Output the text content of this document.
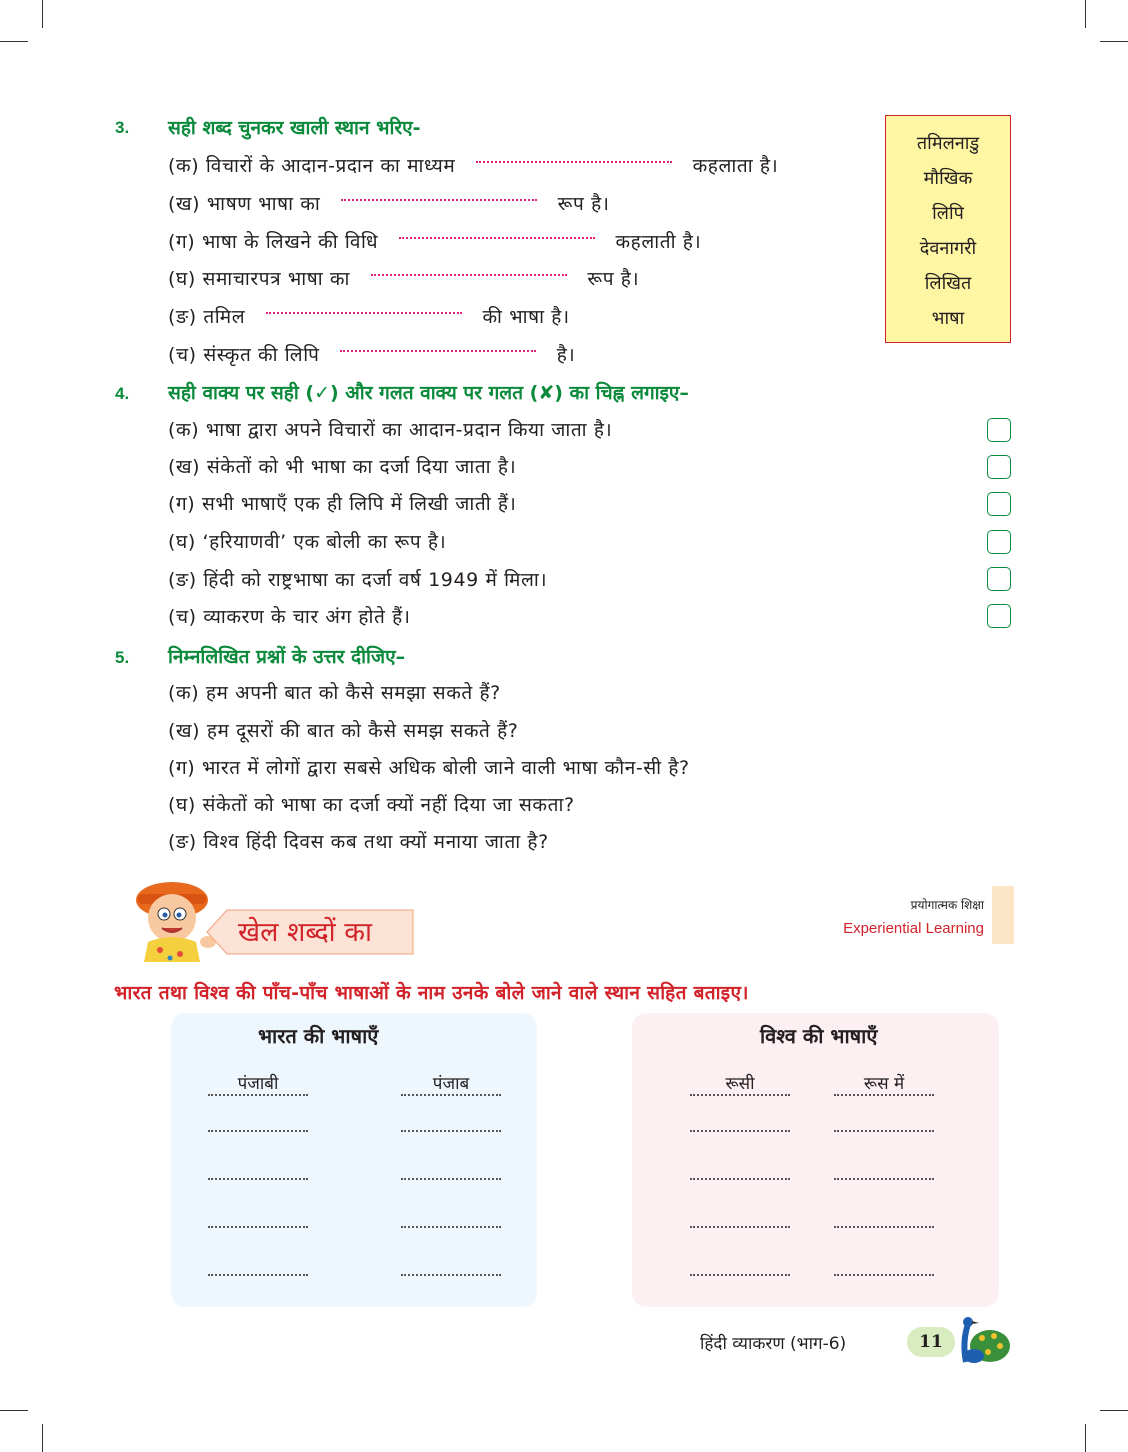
3. सही शब्द चुनकर खाली स्थान भरिए-
(क) विचारों के आदान-प्रदान का माध्यम	कहलाता है।
(ख) भाषण भाषा का	रूप है।
(ग) भाषा के लिखने की विधि	कहलाती है।
(घ) समाचारपत्र भाषा का	रूप है।
(ङ) तमिल	की भाषा है।
(च) संस्कृत की लिपि	है।
तमिलनाडु
मौखिक
लिपि
देवनागरी
लिखित
भाषा
4. सही वाक्य पर सही (✓) और गलत वाक्य पर गलत (✘) का चिह्न लगाइए–
(क) भाषा द्वारा अपने विचारों का आदान-प्रदान किया जाता है।
(ख) संकेतों को भी भाषा का दर्जा दिया जाता है।
(ग) सभी भाषाएँ एक ही लिपि में लिखी जाती हैं।
(घ) ‘हरियाणवी’ एक बोली का रूप है।
(ङ) हिंदी को राष्ट्रभाषा का दर्जा वर्ष 1949 में मिला।
(च) व्याकरण के चार अंग होते हैं।
5. निम्नलिखित प्रश्नों के उत्तर दीजिए–
(क) हम अपनी बात को कैसे समझा सकते हैं?
(ख) हम दूसरों की बात को कैसे समझ सकते हैं?
(ग) भारत में लोगों द्वारा सबसे अधिक बोली जाने वाली भाषा कौन-सी है?
(घ) संकेतों को भाषा का दर्जा क्यों नहीं दिया जा सकता?
(ङ) विश्व हिंदी दिवस कब तथा क्यों मनाया जाता है?
खेल शब्दों का
प्रयोगात्मक शिक्षा
Experiential Learning
भारत तथा विश्व की पाँच-पाँच भाषाओं के नाम उनके बोले जाने वाले स्थान सहित बताइए।
भारत की भाषाएँ
पंजाबी	पंजाब
विश्व की भाषाएँ
रूसी	रूस में
हिंदी व्याकरण (भाग-6)	11
